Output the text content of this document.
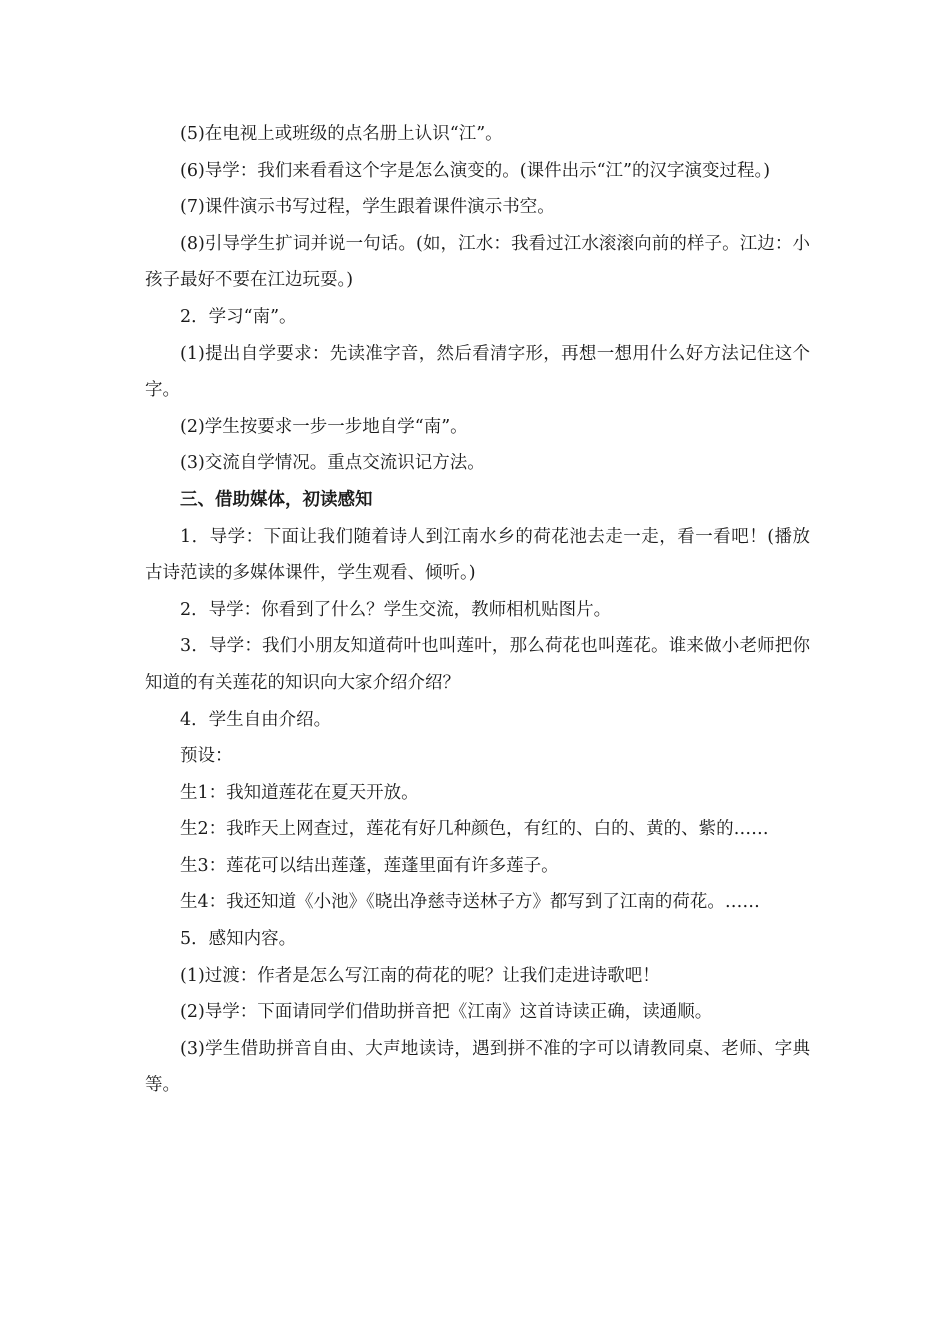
(5)在电视上或班级的点名册上认识“江”。

(6)导学：我们来看看这个字是怎么演变的。(课件出示“江”的汉字演变过程。)

(7)课件演示书写过程，学生跟着课件演示书空。

(8)引导学生扩词并说一句话。(如，江水：我看过江水滚滚向前的样子。江边：小孩子最好不要在江边玩耍。)

2．学习“南”。

(1)提出自学要求：先读准字音，然后看清字形，再想一想用什么好方法记住这个字。

(2)学生按要求一步一步地自学“南”。

(3)交流自学情况。重点交流识记方法。

三、借助媒体，初读感知

1．导学：下面让我们随着诗人到江南水乡的荷花池去走一走，看一看吧！(播放古诗范读的多媒体课件，学生观看、倾听。)

2．导学：你看到了什么？学生交流，教师相机贴图片。

3．导学：我们小朋友知道荷叶也叫莲叶，那么荷花也叫莲花。谁来做小老师把你知道的有关莲花的知识向大家介绍介绍？

4．学生自由介绍。

预设：

生1：我知道莲花在夏天开放。

生2：我昨天上网查过，莲花有好几种颜色，有红的、白的、黄的、紫的……

生3：莲花可以结出莲蓬，莲蓬里面有许多莲子。

生4：我还知道《小池》《晓出净慈寺送林子方》都写到了江南的荷花。……

5．感知内容。

(1)过渡：作者是怎么写江南的荷花的呢？让我们走进诗歌吧！

(2)导学：下面请同学们借助拼音把《江南》这首诗读正确，读通顺。

(3)学生借助拼音自由、大声地读诗，遇到拼不准的字可以请教同桌、老师、字典等。
